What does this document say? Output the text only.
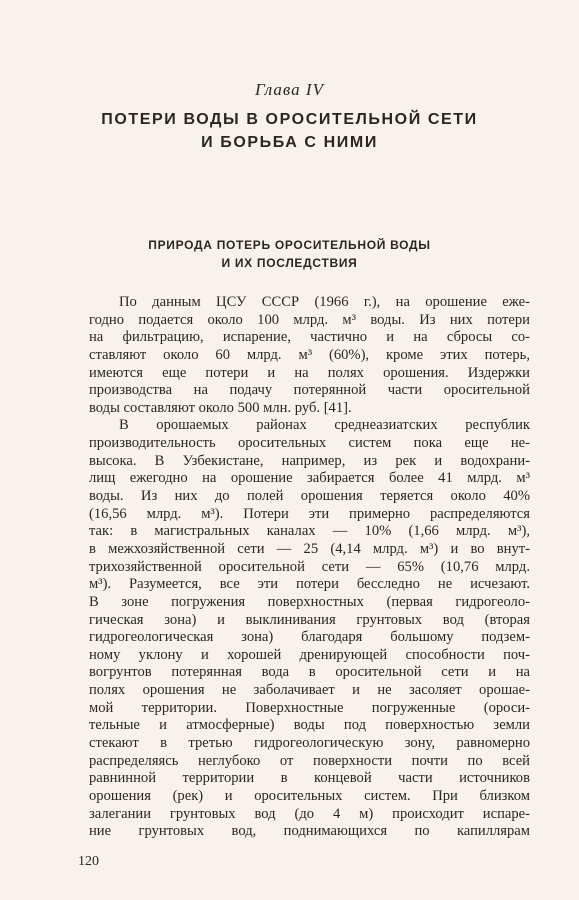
Глава IV
ПОТЕРИ ВОДЫ В ОРОСИТЕЛЬНОЙ СЕТИ
И БОРЬБА С НИМИ
ПРИРОДА ПОТЕРЬ ОРОСИТЕЛЬНОЙ ВОДЫ
И ИХ ПОСЛЕДСТВИЯ
По данным ЦСУ СССР (1966 г.), на орошение еже-
годно подается около 100 млрд. м³ воды. Из них потери
на фильтрацию, испарение, частично и на сбросы со-
ставляют около 60 млрд. м³ (60%), кроме этих потерь,
имеются еще потери и на полях орошения. Издержки
производства на подачу потерянной части оросительной
воды составляют около 500 млн. руб. [41].
В орошаемых районах среднеазиатских республик
производительность оросительных систем пока еще не-
высока. В Узбекистане, например, из рек и водохрани-
лищ ежегодно на орошение забирается более 41 млрд. м³
воды. Из них до полей орошения теряется около 40%
(16,56 млрд. м³). Потери эти примерно распределяются
так: в магистральных каналах — 10% (1,66 млрд. м³),
в межхозяйственной сети — 25 (4,14 млрд. м³) и во внут-
трихозяйственной оросительной сети — 65% (10,76 млрд.
м³). Разумеется, все эти потери бесследно не исчезают.
В зоне погружения поверхностных (первая гидрогеоло-
гическая зона) и выклинивания грунтовых вод (вторая
гидрогеологическая зона) благодаря большому подзем-
ному уклону и хорошей дренирующей способности поч-
вогрунтов потерянная вода в оросительной сети и на
полях орошения не заболачивает и не засоляет орошае-
мой территории. Поверхностные погруженные (ороси-
тельные и атмосферные) воды под поверхностью земли
стекают в третью гидрогеологическую зону, равномерно
распределяясь неглубоко от поверхности почти по всей
равнинной территории в концевой части источников
орошения (рек) и оросительных систем. При близком
залегании грунтовых вод (до 4 м) происходит испаре-
ние грунтовых вод, поднимающихся по капиллярам
120
